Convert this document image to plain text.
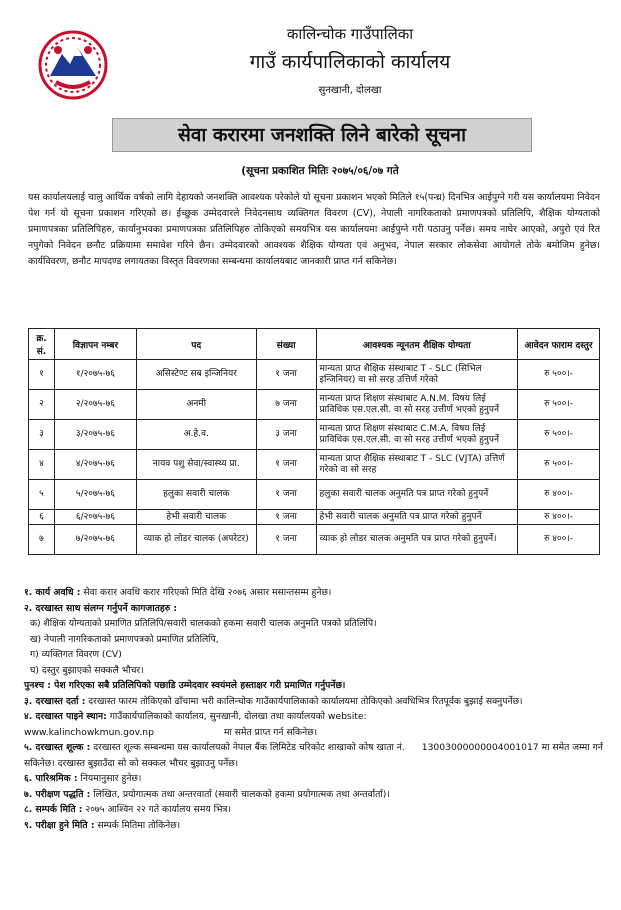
कालिन्चोक गाउँपालिका
गाउँ कार्यपालिकाको कार्यालय
सुनखानी, दोलखा
सेवा करारमा जनशक्ति लिने बारेको सूचना
(सूचना प्रकाशित मितिः २०७५/०६/०७ गते

यस कार्यालयलाई चालु आर्थिक वर्षको लागि देहायको जनशक्ति आवश्यक परेकोले यो सूचना प्रकाशन भएको मितिले १५(पन्ध्र) दिनभित्र आईपुग्ने गरी यस कार्यालयमा निवेदन पेश गर्न यो सूचना प्रकाशन गरिएको छ। ईच्छुक उम्मेदवारले निवेदनसाथ व्यक्तिगत विवरण (CV), नेपाली नागरिकताको प्रमाणपत्रको प्रतिलिपि, शैक्षिक योग्यताको प्रमाणपत्रका प्रतिलिपिहरु, कार्यानुभवका प्रमाणपत्रका प्रतिलिपिहरु तोकिएको समयभित्र यस कार्यालयमा आईपुग्ने गरी पठाउनु पर्नेछ। समय नाघेर आएको, अपुरो एवं रित नपुगेको निवेदन छनौट प्रक्रियामा समावेश गरिने छैन। उम्मेदवारको आवश्यक शैक्षिक योग्यता एवं अनुभव, नेपाल सरकार लोकसेवा आयोगले तोके बमोजिम हुनेछ। कार्यविवरण, छनौट मापदण्ड लगायतका विस्तृत विवरणका सम्बन्धमा कार्यालयबाट जानकारी प्राप्त गर्न सकिनेछ।

क्र. सं.	विज्ञापन नम्बर	पद	संख्या	आवश्यक न्यूनतम शैक्षिक योग्यता	आवेदन फाराम दस्तुर
१	१/२०७५-७६	असिस्टेण्ट सब इन्जिनियर	१ जना	मान्यता प्राप्त शैक्षिक संस्थाबाट T - SLC (सिभिल इन्जिनियर) वा सो सरह उत्तिर्ण गरेको	रु ५००।-
२	२/२०७५-७६	अनमी	७ जना	मान्यता प्राप्त शिक्षण संस्थाबाट A.N.M. विषय लिई प्राविधिक एस.एल.सी. वा सो सरह उत्तीर्ण भएको हुनुपर्ने	रु ५००।-
३	३/२०७५-७६	अ.हे.व.	३ जना	मान्यता प्राप्त शिक्षण संस्थाबाट C.M.A. विषय लिई प्राविधिक एस.एल.सी. वा सो सरह उत्तीर्ण भएको हुनुपर्ने	रु ५००।-
४	४/२०७५-७६	नायव पशु सेवा/स्वास्थ्य प्रा.	१ जना	मान्यता प्राप्त शैक्षिक संस्थाबाट T - SLC (VJTA) उत्तिर्ण गरेको वा सो सरह	रु ५००।-
५	५/२०७५-७६	हलुका सवारी चालक	१ जना	हलुका सवारी चालक अनुमति पत्र प्राप्त गरेको हुनुपर्ने	रु ४००।-
६	६/२०७५-७६	हेभी सवारी चालक	१ जना	हेभी सवारी चालक अनुमति पत्र प्राप्त गरेको हुनुपर्ने	रु ४००।-
७	७/२०७५-७६	व्याक हो लोडर चालक (अपरेटर)	१ जना	व्याक हो लोडर चालक अनुमति पत्र प्राप्त गरेको हुनुपर्ने।	रु ४००।-

१. कार्य अवधि : सेवा करार अवधि करार गरिएको मिति देखि २०७६ असार मसान्तसम्म हुनेछ।

२. दरखास्त साथ संलग्न गर्नुपर्ने कागजातहरु :

क) शैक्षिक योग्यताको प्रमाणित प्रतिलिपि/सवारी चालकको हकमा सवारी चालक अनुमति पत्रको प्रतिलिपि।

ख) नेपाली नागरिकताको प्रमाणपत्रको प्रमाणित प्रतिलिपि,

ग) व्यक्तिगत विवरण (CV)

घ) दस्तुर बुझाएको सक्कलै भौचर।

पुनश्च : पेश गरिएका सबै प्रतिलिपिको पछाडि उम्मेदवार स्वयंमले हस्ताक्षर गरी प्रमाणित गर्नुपर्नेछ।

३. दरखास्त दर्ता : दरखास्त फारम तोकिएको ढाँचामा भरी कालिन्चोक गाउँकार्यपालिकाको कार्यालयमा तोकिएको अवधिभित्र रितपूर्वक बुझाई सक्नुपर्नेछ।

४. दरखास्त पाइने स्थान: गाउँकार्यपालिकाको कार्यालय, सुनखानी, दोलखा तथा कार्यालयको website:

www.kalinchowkmun.gov.np	मा समेत प्राप्त गर्न सकिनेछ।

५. दरखास्त शूल्क : दरखास्त शूल्क सम्बन्धमा यस कार्यालयको नेपाल बैंक लिमिटेड चरिकोट शाखाको कोष खाता नं. 13003000000004001017 मा समेत जम्मा गर्न सकिनेछ। दरखास्त बुझाउँदा सो को सक्कल भौचर बुझाउनु पर्नेछ।

६. पारिश्रमिक : नियमानुसार हुनेछ।

७. परीक्षण पद्धति : लिखित, प्रयोगात्मक तथा अन्तरवार्ता (सवारी चालकको हकमा प्रयोगात्मक तथा अन्तर्वार्ता)।

८. सम्पर्क मिति : २०७५ आश्विन २२ गते कार्यालय समय भित्र।

९. परीक्षा हुने मिति : सम्पर्क मितिमा तोकिनेछ।
